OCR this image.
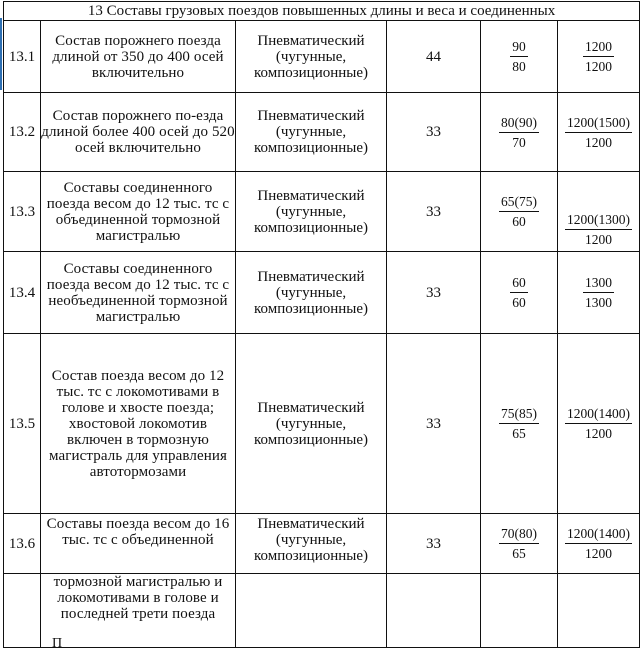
13 Составы грузовых поездов повышенных длины и веса и соединенных					
13.1	Состав порожнего поезда длиной от 350 до 400 осей включительно	Пневматический (чугунные, композиционные)	44	$\frac{90}{80}$	$\frac{1200}{1200}$

13.2	Состав порожнего по-езда длиной более 400 осей до 520 осей включительно	Пневматический (чугунные, композиционные)	33	$\frac{80(90)}{70}$	$\frac{1200(1500)}{1200}$

13.3	Составы соединенного поезда весом до 12 тыс. тс с объединенной тормозной магистралью	Пневматический (чугунные, композиционные)	33	$\frac{65(75)}{60}$	$\frac{1200(1300)}{1200}$

13.4	Составы соединенного поезда весом до 12 тыс. тс с необъединенной тормозной магистралью	Пневматический (чугунные, композиционные)	33	$\frac{60}{60}$	$\frac{1300}{1300}$

13.5	Состав поезда весом до 12 тыс. тс с локомотивами в голове и хвосте поезда; хвостовой локомотив включен в тормозную магистраль для управления автотормозами	Пневматический (чугунные, композиционные)	33	$\frac{75(85)}{65}$	$\frac{1200(1400)}{1200}$

13.6	Составы поезда весом до 16 тыс. тс с объединенной	Пневматический (чугунные, композиционные)	33	$\frac{70(80)}{65}$	$\frac{1200(1400)}{1200}$

	тормозной магистралью и локомотивами в голове и последней трети поезда				
П
